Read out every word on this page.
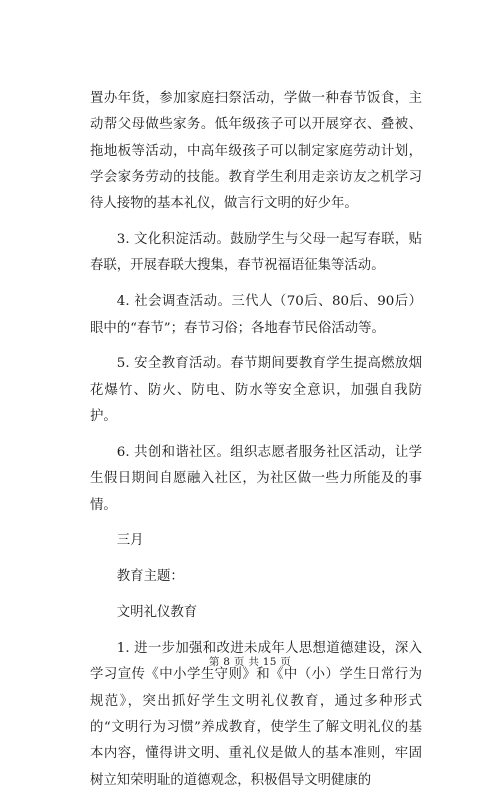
置办年货，参加家庭扫祭活动，学做一种春节饭食，主动帮父母做些家务。低年级孩子可以开展穿衣、叠被、拖地板等活动，中高年级孩子可以制定家庭劳动计划，学会家务劳动的技能。教育学生利用走亲访友之机学习待人接物的基本礼仪，做言行文明的好少年。

3. 文化积淀活动。鼓励学生与父母一起写春联，贴春联，开展春联大搜集，春节祝福语征集等活动。

4. 社会调查活动。三代人（70后、80后、90后）眼中的“春节”；春节习俗；各地春节民俗活动等。

5. 安全教育活动。春节期间要教育学生提高燃放烟花爆竹、防火、防电、防水等安全意识，加强自我防护。

6. 共创和谐社区。组织志愿者服务社区活动，让学生假日期间自愿融入社区，为社区做一些力所能及的事情。

三月

教育主题：

文明礼仪教育

1. 进一步加强和改进未成年人思想道德建设，深入学习宣传《中小学生守则》和《中（小）学生日常行为规范》，突出抓好学生文明礼仪教育，通过多种形式的“文明行为习惯”养成教育，使学生了解文明礼仪的基本内容，懂得讲文明、重礼仪是做人的基本准则，牢固树立知荣明耻的道德观念，积极倡导文明健康的

第 8 页 共 15 页
